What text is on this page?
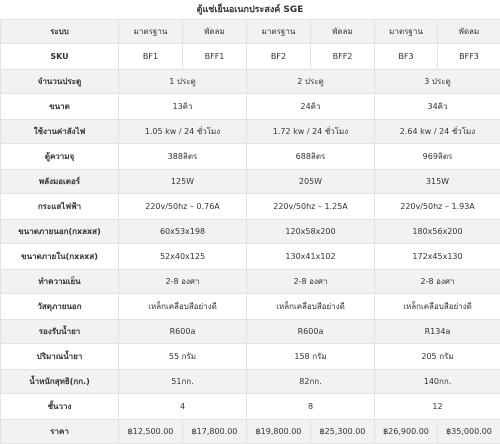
ตู้แช่เย็นอเนกประสงค์ SGE
ระบบ	มาตรฐาน	พัดลม	มาตรฐาน	พัดลม	มาตรฐาน	พัดลม
SKU	BF1	BFF1	BF2	BFF2	BF3	BFF3
จำนวนประตู	1 ประตู		2 ประตู		3 ประตู	
ขนาด	13คิว		24คิว		34คิว	
ใช้งานค่าลังไฟ	1.05 kw / 24 ชั่วโมง		1.72 kw / 24 ชั่วโมง		2.64 kw / 24 ชั่วโมง	
ตู้ความจุ	388ลิตร		688ลิตร		969ลิตร	
พลังมอเตอร์	125W		205W		315W	
กระแสไฟฟ้า	220v/50hz – 0.76A		220v/50hz – 1.25A		220v/50hz – 1.93A	
ขนาดภายนอก(กxลxส)	60x53x198		120x58x200		180x56x200	
ขนาดภายใน(กxลxส)	52x40x125		130x41x102		172x45x130	
ทำความเย็น	2-8 องศา		2-8 องศา		2-8 องศา	
วัสดุภายนอก	เหล็กเคลือบสีอย่างดี		เหล็กเคลือบสีอย่างดี		เหล็กเคลือบสีอย่างดี	
รองรับน้ำยา	R600a		R600a		R134a	
ปริมาณน้ำยา	55 กรัม		158 กรัม		205 กรัม	
น้ำหนักสุทธิ(กก.)	51กก.		82กก.		140กก.	
ชั้นวาง	4		8		12	
ราคา	฿12,500.00	฿17,800.00	฿19,800.00	฿25,300.00	฿26,900.00	฿35,000.00
